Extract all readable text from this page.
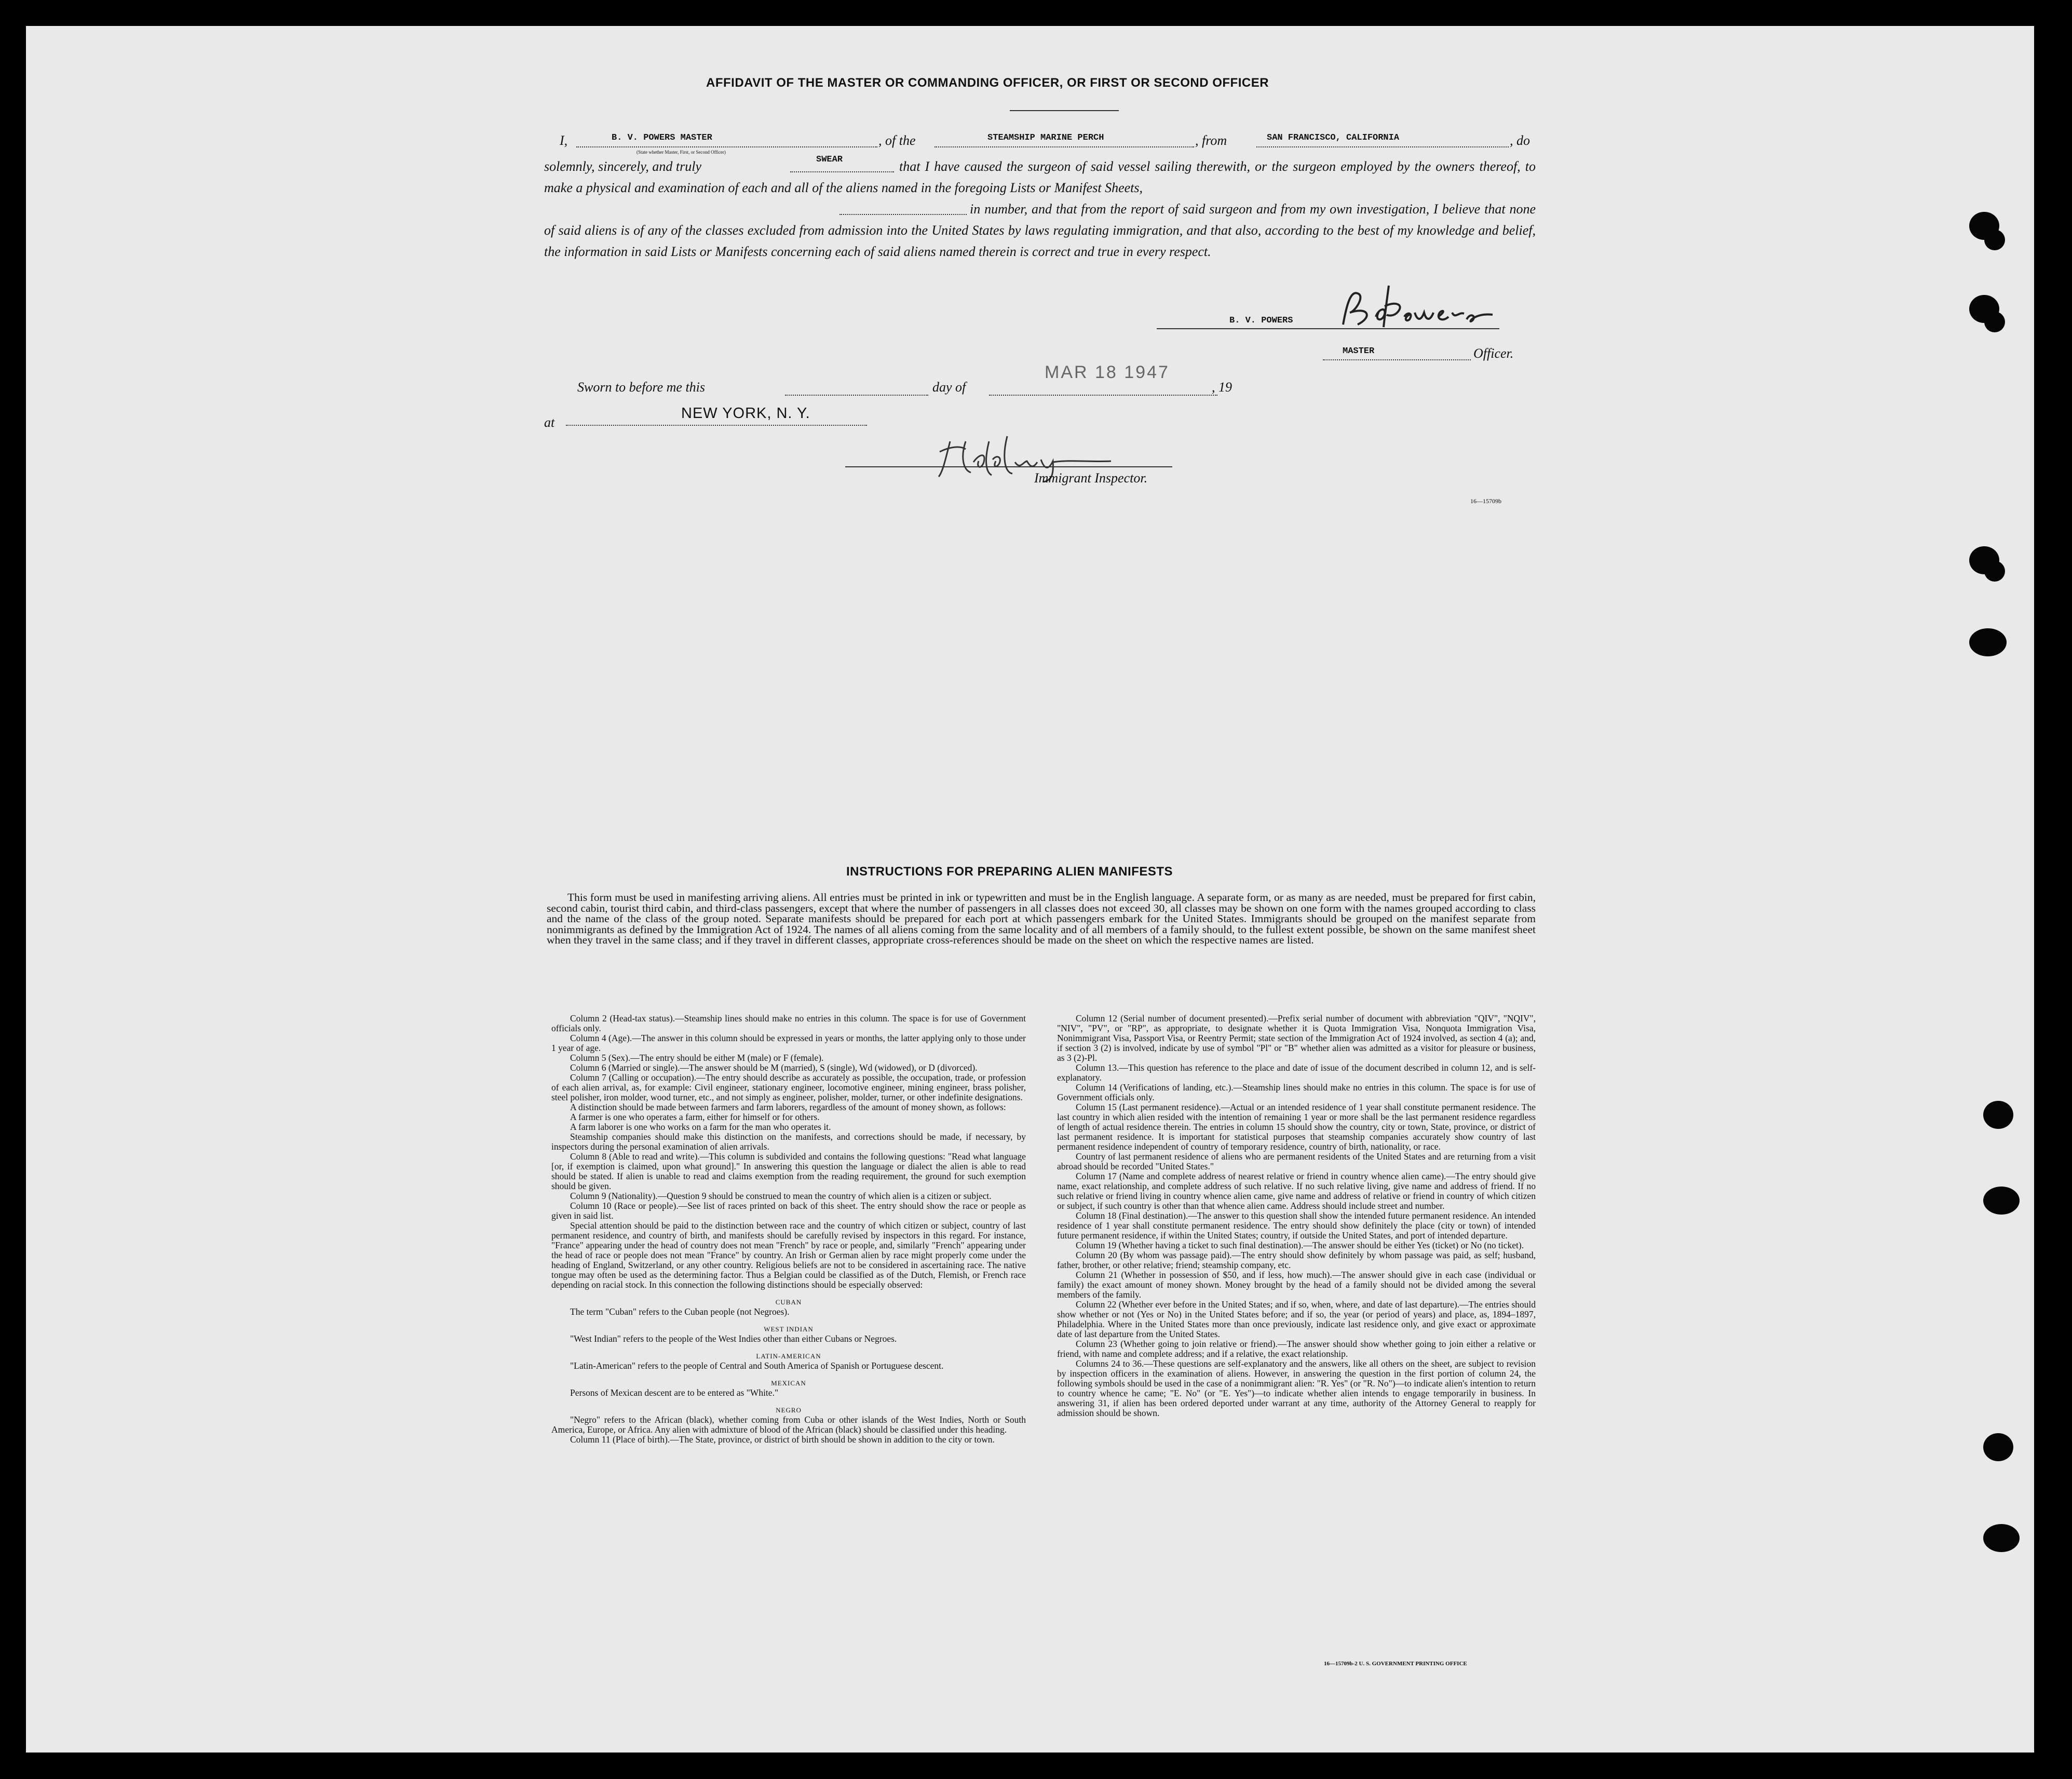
AFFIDAVIT OF THE MASTER OR COMMANDING OFFICER, OR FIRST OR SECOND OFFICER
I,	B. V. POWERS MASTER
(State whether Master, First, or Second Officer)
, of the	STEAMSHIP MARINE PERCH	, from	SAN FRANCISCO, CALIFORNIA	, do
solemnly, sincerely, and truly	SWEAR	that I have caused the surgeon of said vessel sailing therewith, or the surgeon employed by the owners thereof, to make a physical and examination of each and all of the aliens named in the foregoing Lists or Manifest Sheets,
in number, and that from the report of said surgeon and from my own investigation, I believe that none of said aliens is of any of the classes excluded from admission into the United States by laws regulating immigration, and that also, according to the best of my knowledge and belief, the information in said Lists or Manifests concerning each of said aliens named therein is correct and true in every respect.
B. V. POWERS
MASTER	Officer.
Sworn to before me this	day of
MAR 18 1947
, 19
at
NEW YORK, N. Y.
Immigrant Inspector.
16—15709b
INSTRUCTIONS FOR PREPARING ALIEN MANIFESTS
This form must be used in manifesting arriving aliens. All entries must be printed in ink or typewritten and must be in the English language. A separate form, or as many as are needed, must be prepared for first cabin, second cabin, tourist third cabin, and third-class passengers, except that where the number of passengers in all classes does not exceed 30, all classes may be shown on one form with the names grouped according to class and the name of the class of the group noted. Separate manifests should be prepared for each port at which passengers embark for the United States. Immigrants should be grouped on the manifest separate from nonimmigrants as defined by the Immigration Act of 1924. The names of all aliens coming from the same locality and of all members of a family should, to the fullest extent possible, be shown on the same manifest sheet when they travel in the same class; and if they travel in different classes, appropriate cross-references should be made on the sheet on which the respective names are listed.

Column 2 (Head-tax status).—Steamship lines should make no entries in this column. The space is for use of Government officials only.

Column 4 (Age).—The answer in this column should be expressed in years or months, the latter applying only to those under 1 year of age.

Column 5 (Sex).—The entry should be either M (male) or F (female).

Column 6 (Married or single).—The answer should be M (married), S (single), Wd (widowed), or D (divorced).

Column 7 (Calling or occupation).—The entry should describe as accurately as possible, the occupation, trade, or profession of each alien arrival, as, for example: Civil engineer, stationary engineer, locomotive engineer, mining engineer, brass polisher, steel polisher, iron molder, wood turner, etc., and not simply as engineer, polisher, molder, turner, or other indefinite designations.

A distinction should be made between farmers and farm laborers, regardless of the amount of money shown, as follows:

A farmer is one who operates a farm, either for himself or for others.

A farm laborer is one who works on a farm for the man who operates it.

Steamship companies should make this distinction on the manifests, and corrections should be made, if necessary, by inspectors during the personal examination of alien arrivals.

Column 8 (Able to read and write).—This column is subdivided and contains the following questions: "Read what language [or, if exemption is claimed, upon what ground]." In answering this question the language or dialect the alien is able to read should be stated. If alien is unable to read and claims exemption from the reading requirement, the ground for such exemption should be given.

Column 9 (Nationality).—Question 9 should be construed to mean the country of which alien is a citizen or subject.

Column 10 (Race or people).—See list of races printed on back of this sheet. The entry should show the race or people as given in said list.

Special attention should be paid to the distinction between race and the country of which citizen or subject, country of last permanent residence, and country of birth, and manifests should be carefully revised by inspectors in this regard. For instance, "France" appearing under the head of country does not mean "French" by race or people, and, similarly "French" appearing under the head of race or people does not mean "France" by country. An Irish or German alien by race might properly come under the heading of England, Switzerland, or any other country. Religious beliefs are not to be considered in ascertaining race. The native tongue may often be used as the determining factor. Thus a Belgian could be classified as of the Dutch, Flemish, or French race depending on racial stock. In this connection the following distinctions should be especially observed:

CUBAN

The term "Cuban" refers to the Cuban people (not Negroes).

WEST INDIAN

"West Indian" refers to the people of the West Indies other than either Cubans or Negroes.

LATIN-AMERICAN

"Latin-American" refers to the people of Central and South America of Spanish or Portuguese descent.

MEXICAN

Persons of Mexican descent are to be entered as "White."

NEGRO

"Negro" refers to the African (black), whether coming from Cuba or other islands of the West Indies, North or South America, Europe, or Africa. Any alien with admixture of blood of the African (black) should be classified under this heading.

Column 11 (Place of birth).—The State, province, or district of birth should be shown in addition to the city or town.

Column 12 (Serial number of document presented).—Prefix serial number of document with abbreviation "QIV", "NQIV", "NIV", "PV", or "RP", as appropriate, to designate whether it is Quota Immigration Visa, Nonquota Immigration Visa, Nonimmigrant Visa, Passport Visa, or Reentry Permit; state section of the Immigration Act of 1924 involved, as section 4 (a); and, if section 3 (2) is involved, indicate by use of symbol "Pl" or "B" whether alien was admitted as a visitor for pleasure or business, as 3 (2)-Pl.

Column 13.—This question has reference to the place and date of issue of the document described in column 12, and is self-explanatory.

Column 14 (Verifications of landing, etc.).—Steamship lines should make no entries in this column. The space is for use of Government officials only.

Column 15 (Last permanent residence).—Actual or an intended residence of 1 year shall constitute permanent residence. The last country in which alien resided with the intention of remaining 1 year or more shall be the last permanent residence regardless of length of actual residence therein. The entries in column 15 should show the country, city or town, State, province, or district of last permanent residence. It is important for statistical purposes that steamship companies accurately show country of last permanent residence independent of country of temporary residence, country of birth, nationality, or race.

Country of last permanent residence of aliens who are permanent residents of the United States and are returning from a visit abroad should be recorded "United States."

Column 17 (Name and complete address of nearest relative or friend in country whence alien came).—The entry should give name, exact relationship, and complete address of such relative. If no such relative living, give name and address of friend. If no such relative or friend living in country whence alien came, give name and address of relative or friend in country of which citizen or subject, if such country is other than that whence alien came. Address should include street and number.

Column 18 (Final destination).—The answer to this question shall show the intended future permanent residence. An intended residence of 1 year shall constitute permanent residence. The entry should show definitely the place (city or town) of intended future permanent residence, if within the United States; country, if outside the United States, and port of intended departure.

Column 19 (Whether having a ticket to such final destination).—The answer should be either Yes (ticket) or No (no ticket).

Column 20 (By whom was passage paid).—The entry should show definitely by whom passage was paid, as self; husband, father, brother, or other relative; friend; steamship company, etc.

Column 21 (Whether in possession of $50, and if less, how much).—The answer should give in each case (individual or family) the exact amount of money shown. Money brought by the head of a family should not be divided among the several members of the family.

Column 22 (Whether ever before in the United States; and if so, when, where, and date of last departure).—The entries should show whether or not (Yes or No) in the United States before; and if so, the year (or period of years) and place, as, 1894–1897, Philadelphia. Where in the United States more than once previously, indicate last residence only, and give exact or approximate date of last departure from the United States.

Column 23 (Whether going to join relative or friend).—The answer should show whether going to join either a relative or friend, with name and complete address; and if a relative, the exact relationship.

Columns 24 to 36.—These questions are self-explanatory and the answers, like all others on the sheet, are subject to revision by inspection officers in the examination of aliens. However, in answering the question in the first portion of column 24, the following symbols should be used in the case of a nonimmigrant alien: "R. Yes" (or "R. No")—to indicate alien's intention to return to country whence he came; "E. No" (or "E. Yes")—to indicate whether alien intends to engage temporarily in business. In answering 31, if alien has been ordered deported under warrant at any time, authority of the Attorney General to reapply for admission should be shown.

16—15709b-2 U. S. GOVERNMENT PRINTING OFFICE
